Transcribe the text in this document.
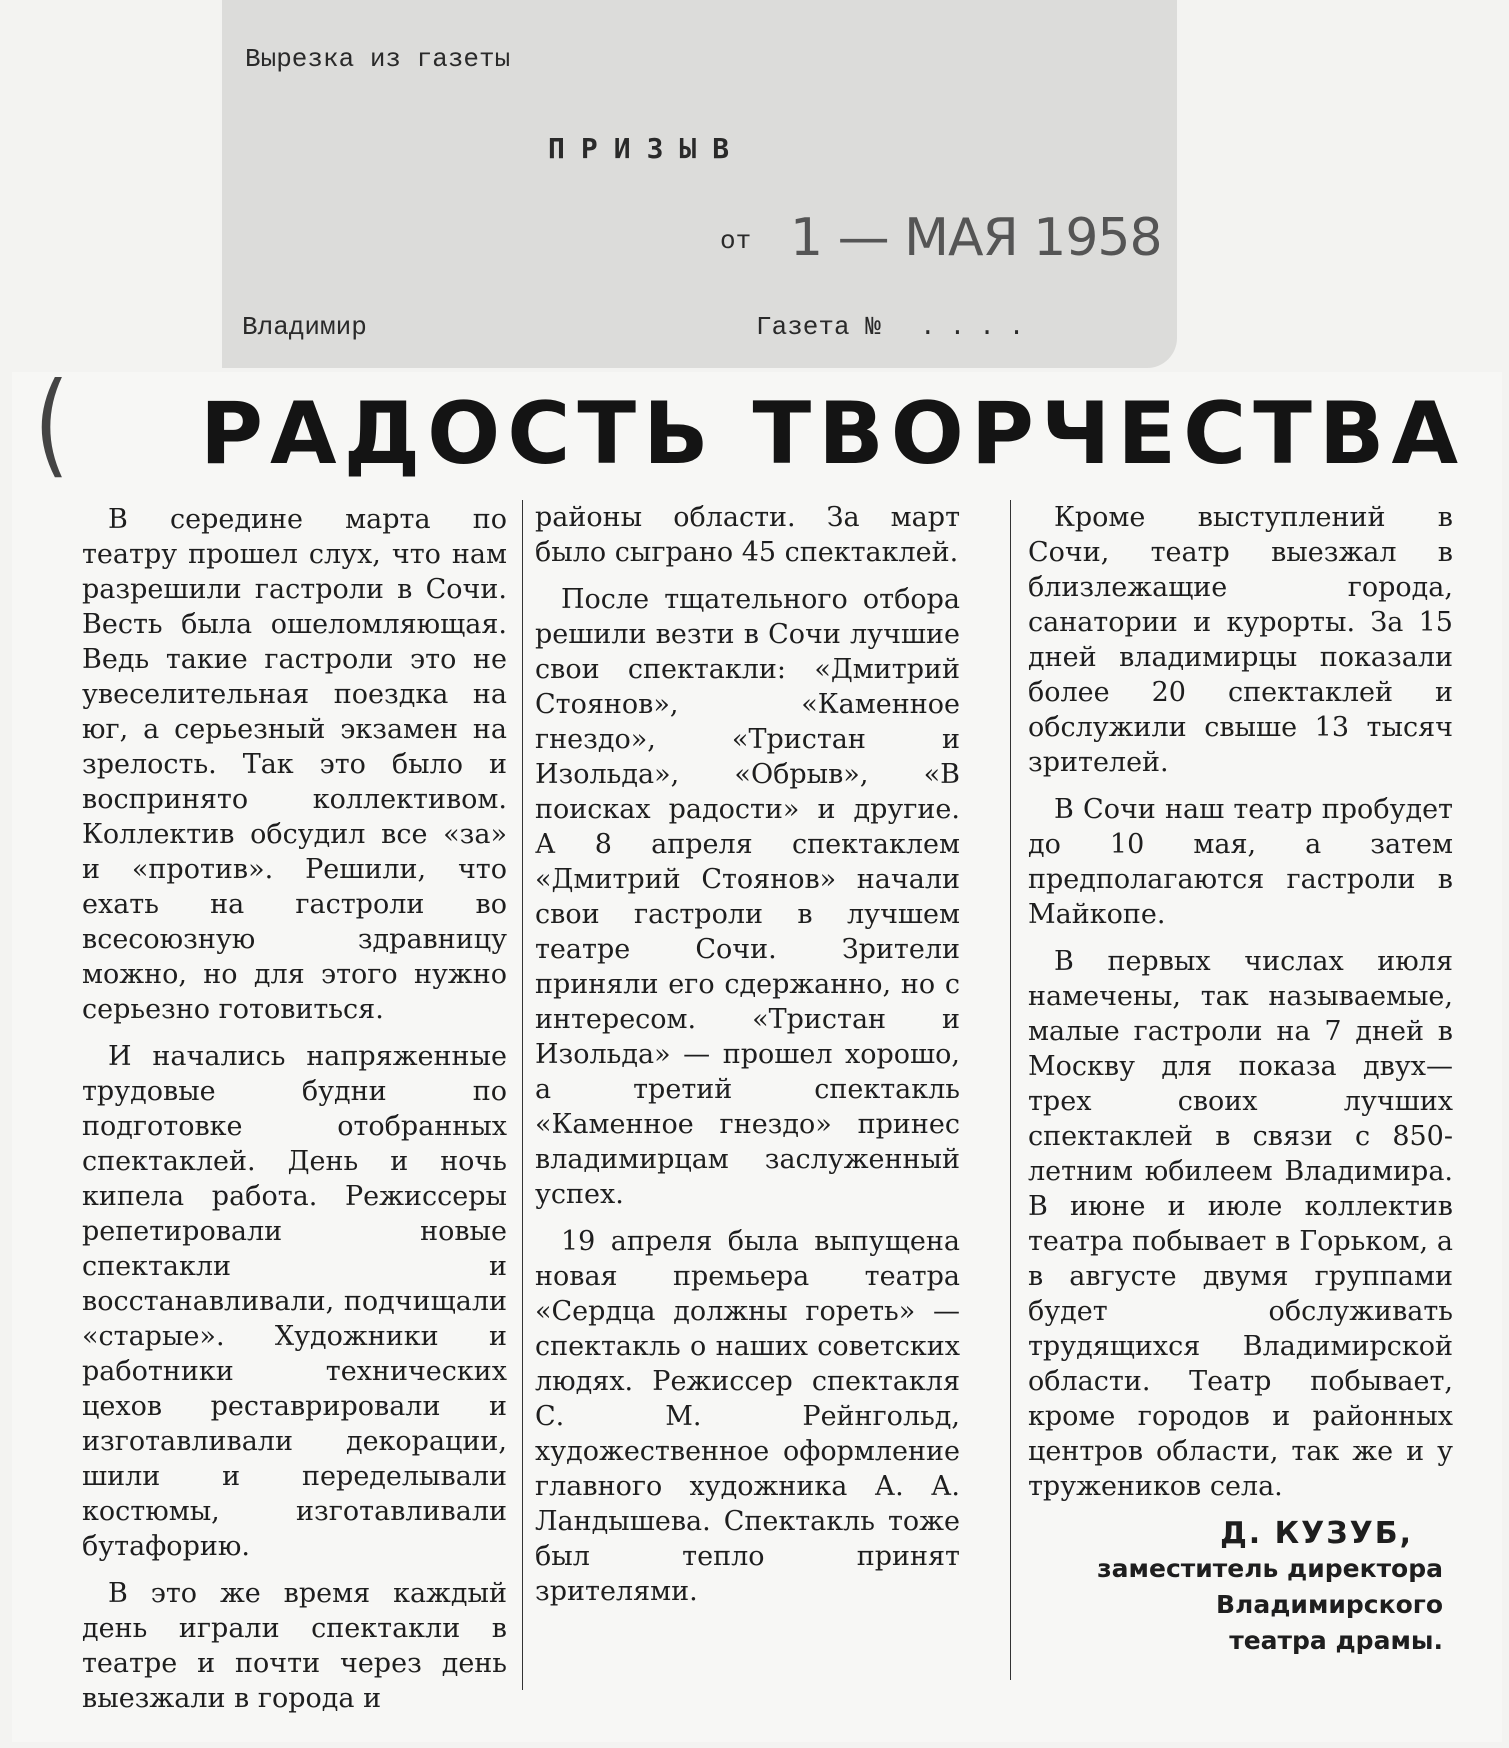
Вырезка из газеты
ПРИЗЫВ
от 1 — МАЯ 1958
Владимир	Газета № ....
( РАДОСТЬ ТВОРЧЕСТВА

В середине марта по театру прошел слух, что нам разрешили гастроли в Сочи. Весть была ошеломляющая. Ведь такие гастроли это не увеселительная поездка на юг, а серьезный экзамен на зрелость. Так это было и воспринято коллективом. Коллектив обсудил все «за» и «против». Решили, что ехать на гастроли во всесоюзную здравницу можно, но для этого нужно серьезно готовиться.

И начались напряженные трудовые будни по подготовке отобранных спектаклей. День и ночь кипела работа. Режиссеры репетировали новые спектакли и восстанавливали, подчищали «старые». Художники и работники технических цехов реставрировали и изготавливали декорации, шили и переделывали костюмы, изготавливали бутафорию.

В это же время каждый день играли спектакли в театре и почти через день выезжали в города и

районы области. За март было сыграно 45 спектаклей.

После тщательного отбора решили везти в Сочи лучшие свои спектакли: «Дмитрий Стоянов», «Каменное гнездо», «Тристан и Изольда», «Обрыв», «В поисках радости» и другие. А 8 апреля спектаклем «Дмитрий Стоянов» начали свои гастроли в лучшем театре Сочи. Зрители приняли его сдержанно, но с интересом. «Тристан и Изольда» — прошел хорошо, а третий спектакль «Каменное гнездо» принес владимирцам заслуженный успех.

19 апреля была выпущена новая премьера театра «Сердца должны гореть» — спектакль о наших советских людях. Режиссер спектакля С. М. Рейнгольд, художественное оформление главного художника А. А. Ландышева. Спектакль тоже был тепло принят зрителями.

Кроме выступлений в Сочи, театр выезжал в близлежащие города, санатории и курорты. За 15 дней владимирцы показали более 20 спектаклей и обслужили свыше 13 тысяч зрителей.

В Сочи наш театр пробудет до 10 мая, а затем предполагаются гастроли в Майкопе.

В первых числах июля намечены, так называемые, малые гастроли на 7 дней в Москву для показа двух—трех своих лучших спектаклей в связи с 850-летним юбилеем Владимира. В июне и июле коллектив театра побывает в Горьком, а в августе двумя группами будет обслуживать трудящихся Владимирской области. Театр побывает, кроме городов и районных центров области, так же и у тружеников села.

Д. КУЗУБ,
заместитель директора
Владимирского
театра драмы.
